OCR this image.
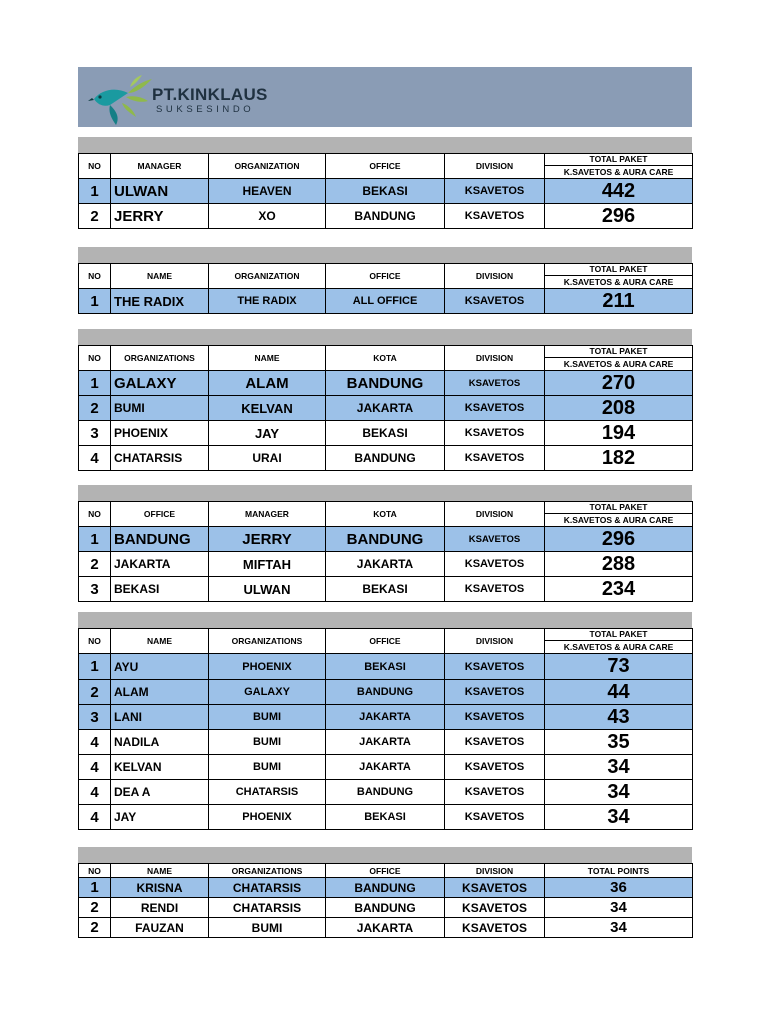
PT.KINKLAUS
SUKSESINDO
NO	MANAGER	ORGANIZATION	OFFICE	DIVISION	TOTAL PAKET
K.SAVETOS & AURA CARE

1	ULWAN	HEAVEN	BEKASI	KSAVETOS	442
2	JERRY	XO	BANDUNG	KSAVETOS	296
NO	NAME	ORGANIZATION	OFFICE	DIVISION	TOTAL PAKET
K.SAVETOS & AURA CARE

1	THE RADIX	THE RADIX	ALL OFFICE	KSAVETOS	211
NO	ORGANIZATIONS	NAME	KOTA	DIVISION	TOTAL PAKET
K.SAVETOS & AURA CARE

1	GALAXY	ALAM	BANDUNG	KSAVETOS	270
2	BUMI	KELVAN	JAKARTA	KSAVETOS	208
3	PHOENIX	JAY	BEKASI	KSAVETOS	194
4	CHATARSIS	URAI	BANDUNG	KSAVETOS	182
NO	OFFICE	MANAGER	KOTA	DIVISION	TOTAL PAKET
K.SAVETOS & AURA CARE

1	BANDUNG	JERRY	BANDUNG	KSAVETOS	296
2	JAKARTA	MIFTAH	JAKARTA	KSAVETOS	288
3	BEKASI	ULWAN	BEKASI	KSAVETOS	234
NO	NAME	ORGANIZATIONS	OFFICE	DIVISION	TOTAL PAKET
K.SAVETOS & AURA CARE

1	AYU	PHOENIX	BEKASI	KSAVETOS	73
2	ALAM	GALAXY	BANDUNG	KSAVETOS	44
3	LANI	BUMI	JAKARTA	KSAVETOS	43
4	NADILA	BUMI	JAKARTA	KSAVETOS	35
4	KELVAN	BUMI	JAKARTA	KSAVETOS	34
4	DEA A	CHATARSIS	BANDUNG	KSAVETOS	34
4	JAY	PHOENIX	BEKASI	KSAVETOS	34
NO	NAME	ORGANIZATIONS	OFFICE	DIVISION	TOTAL POINTS
1	KRISNA	CHATARSIS	BANDUNG	KSAVETOS	36
2	RENDI	CHATARSIS	BANDUNG	KSAVETOS	34
2	FAUZAN	BUMI	JAKARTA	KSAVETOS	34
